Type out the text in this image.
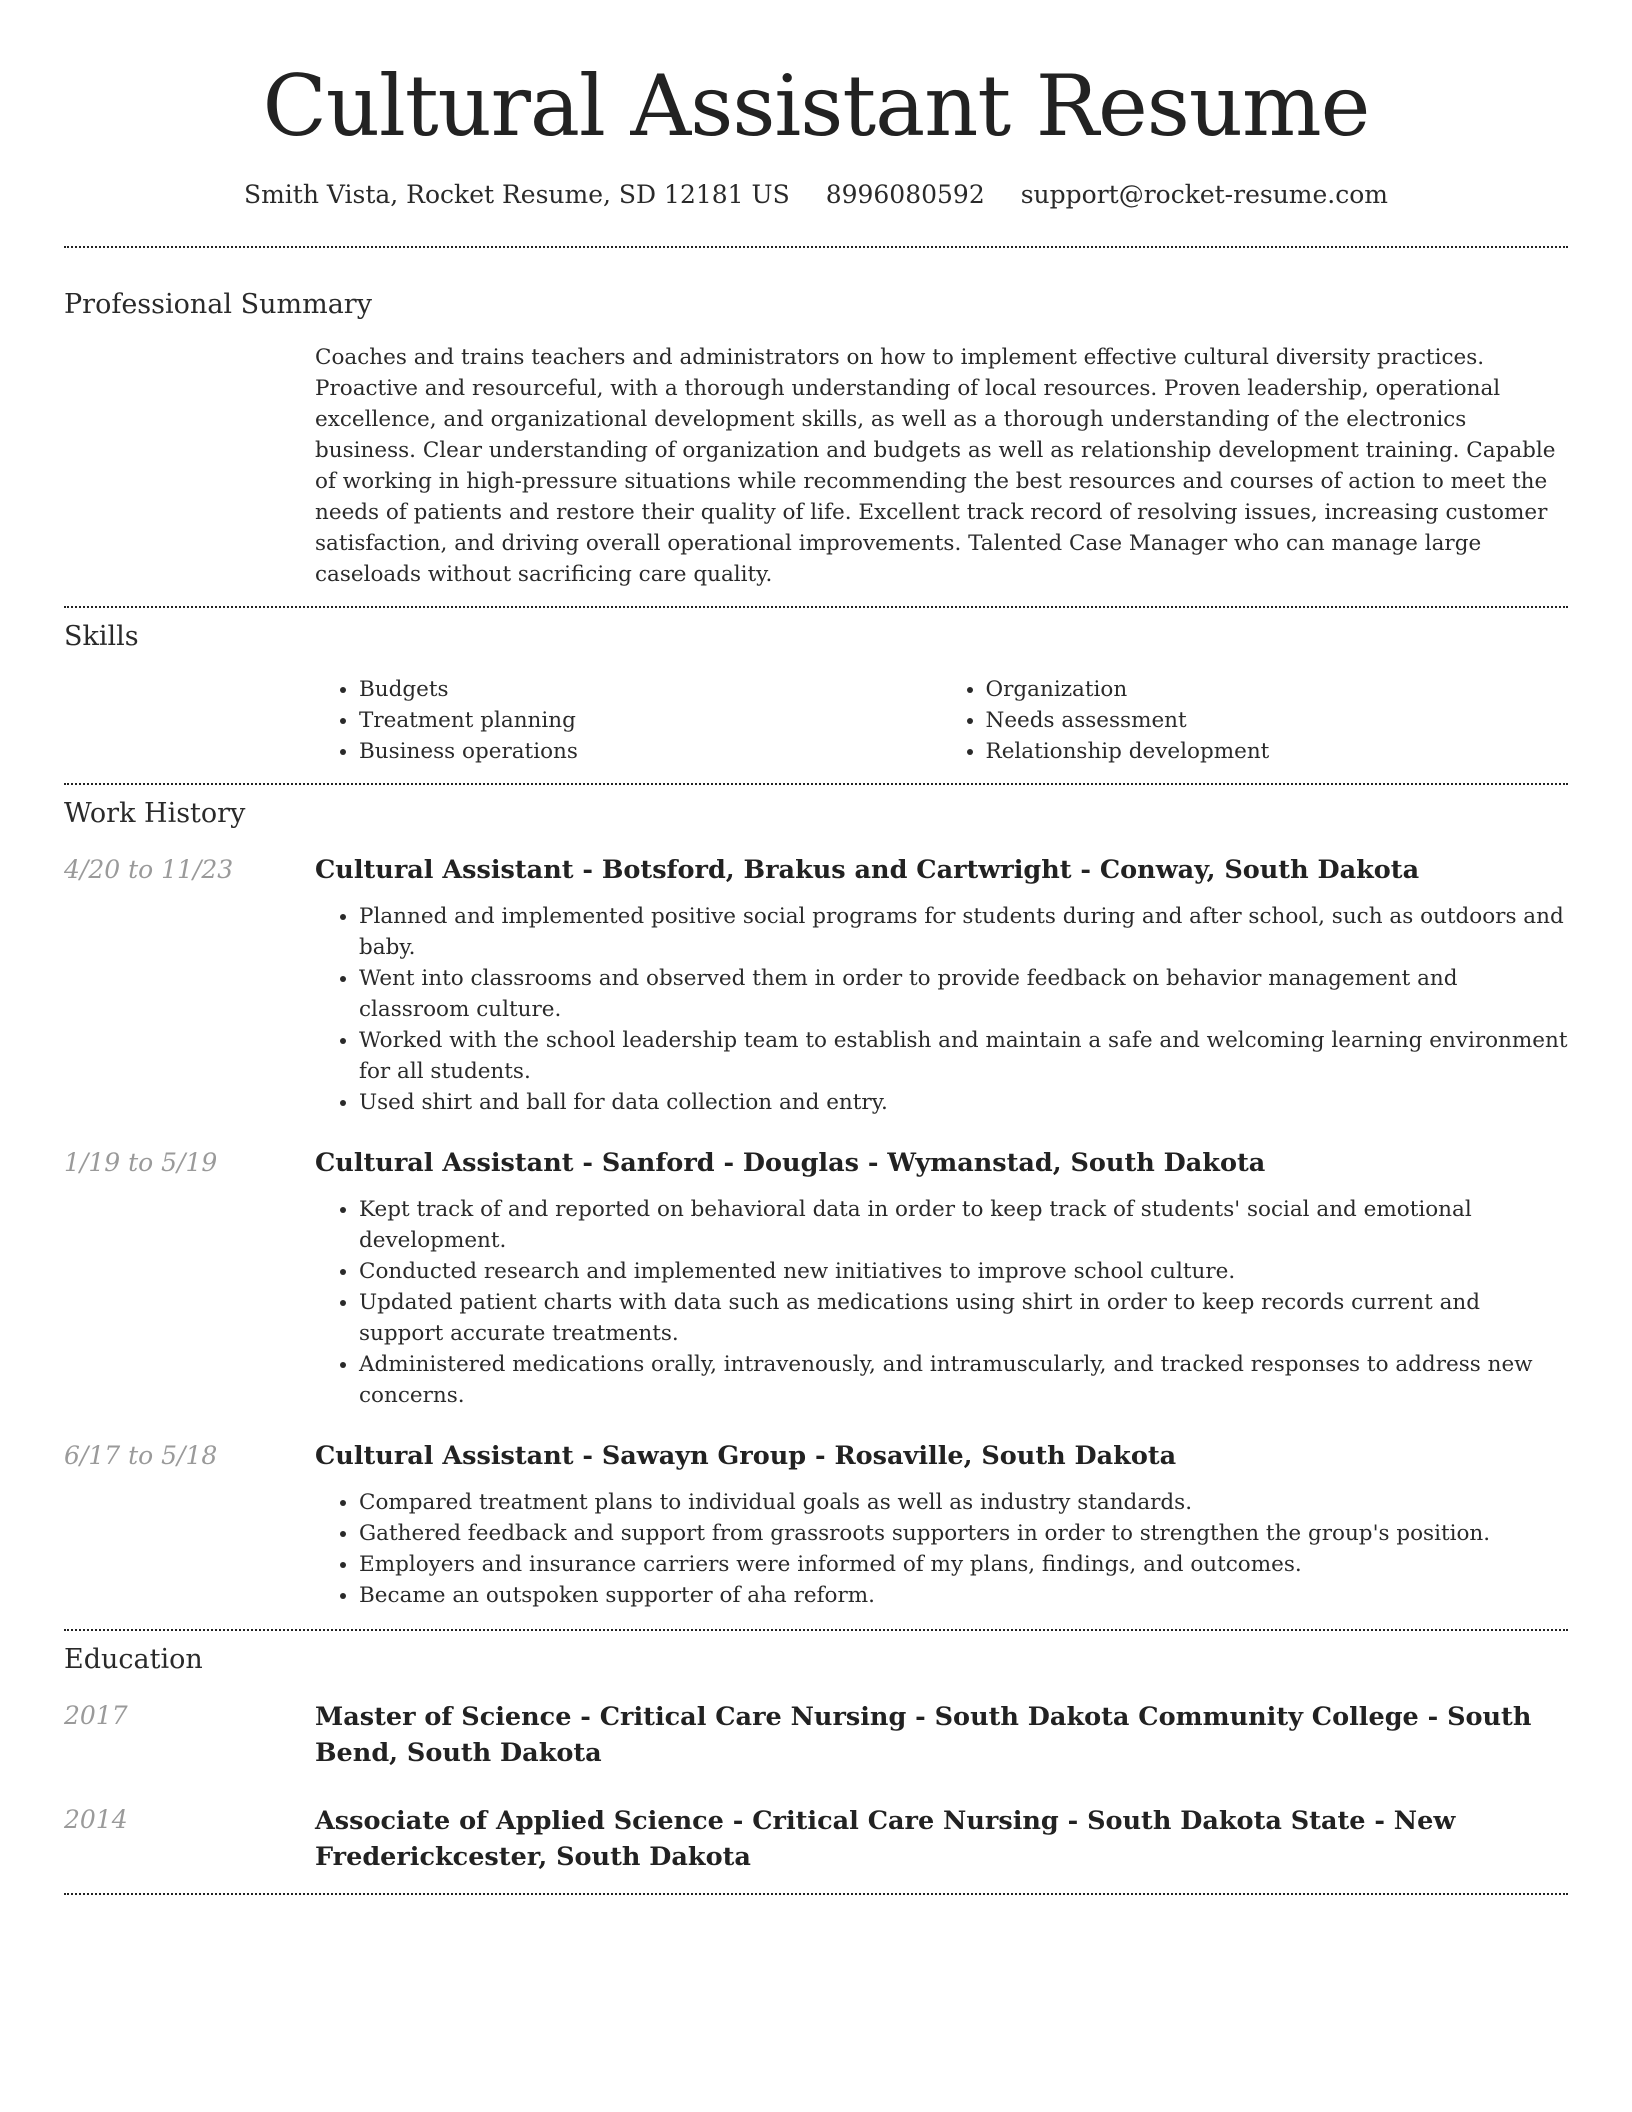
Cultural Assistant Resume
Smith Vista, Rocket Resume, SD 12181 US 8996080592 support@rocket-resume.com
Professional Summary

Coaches and trains teachers and administrators on how to implement effective cultural diversity practices. Proactive and resourceful, with a thorough understanding of local resources. Proven leadership, operational excellence, and organizational development skills, as well as a thorough understanding of the electronics business. Clear understanding of organization and budgets as well as relationship development training. Capable of working in high-pressure situations while recommending the best resources and courses of action to meet the needs of patients and restore their quality of life. Excellent track record of resolving issues, increasing customer satisfaction, and driving overall operational improvements. Talented Case Manager who can manage large caseloads without sacrificing care quality.

Skills
• Budgets
• Treatment planning
• Business operations
• Organization
• Needs assessment
• Relationship development
Work History
4/20 to 11/23	Cultural Assistant - Botsford, Brakus and Cartwright - Conway, South Dakota
• Planned and implemented positive social programs for students during and after school, such as outdoors and baby.
• Went into classrooms and observed them in order to provide feedback on behavior management and classroom culture.
• Worked with the school leadership team to establish and maintain a safe and welcoming learning environment for all students.
• Used shirt and ball for data collection and entry.
1/19 to 5/19	Cultural Assistant - Sanford - Douglas - Wymanstad, South Dakota
• Kept track of and reported on behavioral data in order to keep track of students' social and emotional development.
• Conducted research and implemented new initiatives to improve school culture.
• Updated patient charts with data such as medications using shirt in order to keep records current and support accurate treatments.
• Administered medications orally, intravenously, and intramuscularly, and tracked responses to address new concerns.
6/17 to 5/18	Cultural Assistant - Sawayn Group - Rosaville, South Dakota
• Compared treatment plans to individual goals as well as industry standards.
• Gathered feedback and support from grassroots supporters in order to strengthen the group's position.
• Employers and insurance carriers were informed of my plans, findings, and outcomes.
• Became an outspoken supporter of aha reform.
Education
2017	Master of Science - Critical Care Nursing - South Dakota Community College - South Bend, South Dakota
2014	Associate of Applied Science - Critical Care Nursing - South Dakota State - New Frederickcester, South Dakota
